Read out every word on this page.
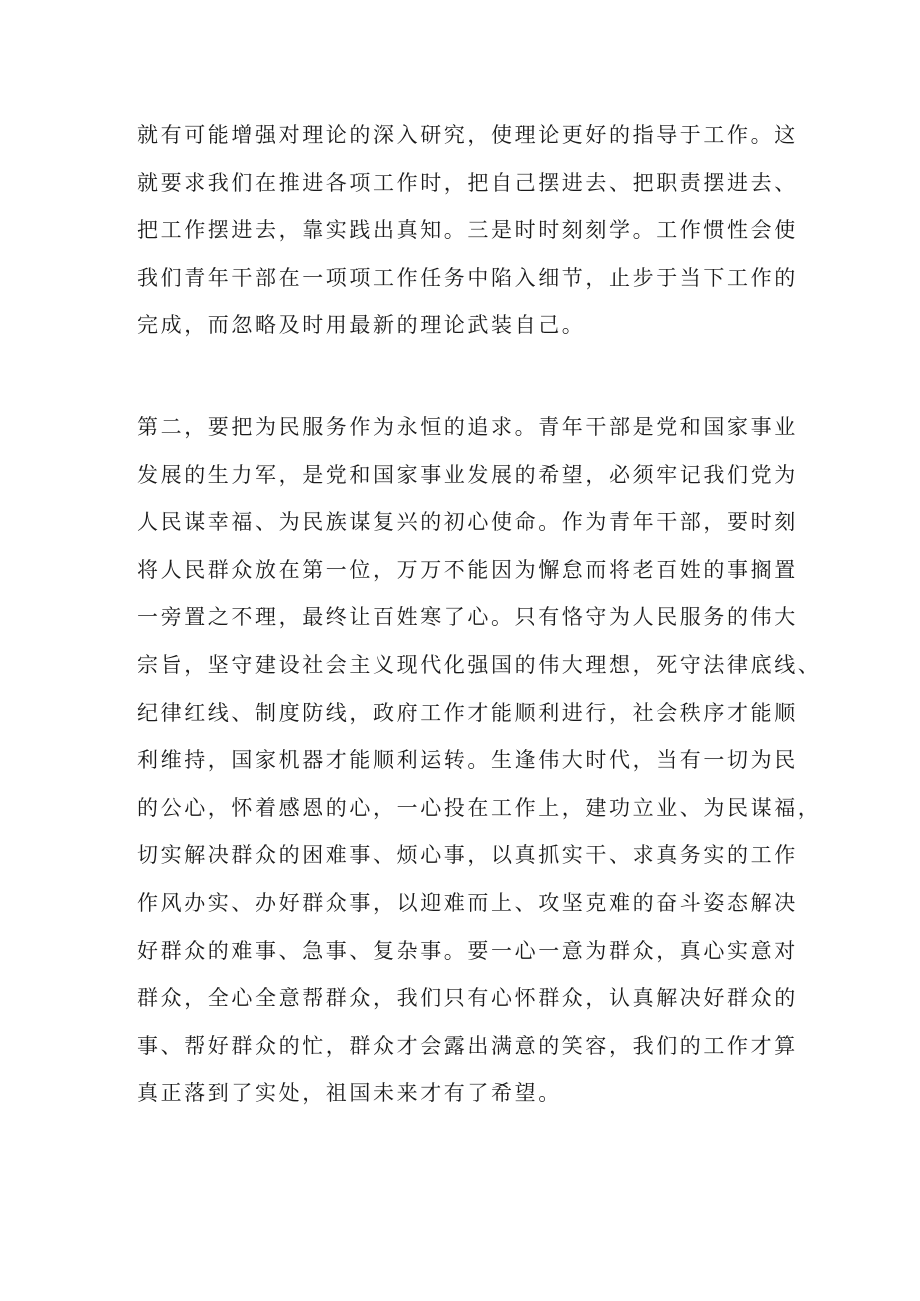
就有可能增强对理论的深入研究，使理论更好的指导于工作。这
就要求我们在推进各项工作时，把自己摆进去、把职责摆进去、
把工作摆进去，靠实践出真知。三是时时刻刻学。工作惯性会使
我们青年干部在一项项工作任务中陷入细节，止步于当下工作的
完成，而忽略及时用最新的理论武装自己。
第二，要把为民服务作为永恒的追求。青年干部是党和国家事业
发展的生力军，是党和国家事业发展的希望，必须牢记我们党为
人民谋幸福、为民族谋复兴的初心使命。作为青年干部，要时刻
将人民群众放在第一位，万万不能因为懈怠而将老百姓的事搁置
一旁置之不理，最终让百姓寒了心。只有恪守为人民服务的伟大
宗旨，坚守建设社会主义现代化强国的伟大理想，死守法律底线、
纪律红线、制度防线，政府工作才能顺利进行，社会秩序才能顺
利维持，国家机器才能顺利运转。生逢伟大时代，当有一切为民
的公心，怀着感恩的心，一心投在工作上，建功立业、为民谋福，
切实解决群众的困难事、烦心事，以真抓实干、求真务实的工作
作风办实、办好群众事，以迎难而上、攻坚克难的奋斗姿态解决
好群众的难事、急事、复杂事。要一心一意为群众，真心实意对
群众，全心全意帮群众，我们只有心怀群众，认真解决好群众的
事、帮好群众的忙，群众才会露出满意的笑容，我们的工作才算
真正落到了实处，祖国未来才有了希望。
